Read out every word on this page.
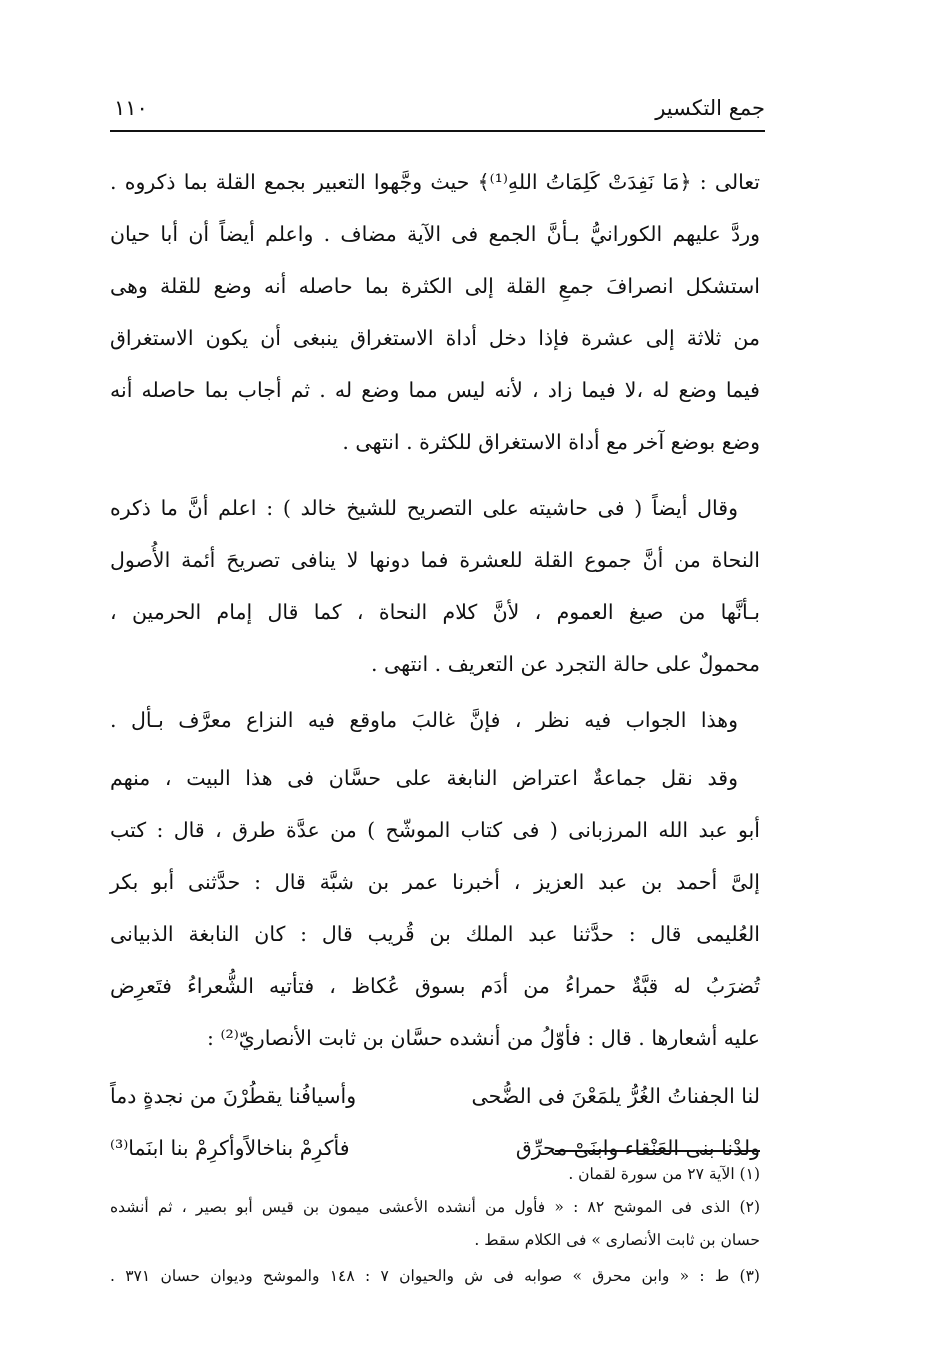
جمع التكسير
١١٠
تعالى : ﴿مَا نَفِدَتْ كَلِمَاتُ اللهِ⁽¹⁾﴾ حيث وجَّهوا التعبير بجمع القلة بما ذكروه .
وردَّ عليهم الكورانيُّ بـأنَّ الجمع فى الآية مضاف . واعلم أيضاً أن أبا حيان
استشكل انصرافَ جمعِ القلة إلى الكثرة بما حاصله أنه وضع للقلة وهى
من ثلاثة إلى عشرة فإذا دخل أداة الاستغراق ينبغى أن يكون الاستغراق
فيما وضع له ،لا فيما زاد ، لأنه ليس مما وضع له . ثم أجاب بما حاصله أنه
وضع بوضع آخر مع أداة الاستغراق للكثرة . انتهى .
وقال أيضاً ( فى حاشيته على التصريح للشيخ خالد ) : اعلم أنَّ ما ذكره
النحاة من أنَّ جموع القلة للعشرة فما دونها لا ينافى تصريحَ أئمة الأُصول
بـأنَّها من صيغ العموم ، لأنَّ كلام النحاة ، كما قال إمام الحرمين ،
محمولٌ على حالة التجرد عن التعريف . انتهى .
وهذا الجواب فيه نظر ، فإنَّ غالبَ ماوقع فيه النزاع معرَّف بـأل .
وقد نقل جماعةٌ اعتراض النابغة على حسَّان فى هذا البيت ، منهم
أبو عبد الله المرزبانى ( فى كتاب الموشّح ) من عدَّة طرق ، قال : كتب
إلىَّ أحمد بن عبد العزيز ، أخبرنا عمر بن شبَّة قال : حدَّثنى أبو بكر
العُليمى قال : حدَّثنا عبد الملك بن قُريب قال : كان النابغة الذبيانى
تُضرَبُ له قبَّةٌ حمراءُ من أدَم بسوق عُكاظ ، فتأتيه الشُّعراءُ فتَعرِض
عليه أشعارها . قال : فأوّلُ من أنشده حسَّان بن ثابت الأنصاريّ⁽²⁾ :
لنا الجفناتُ الغُرُّ يلمَعْنَ فى الضُّحى
وأسيافُنا يقطُرْنَ من نجدةٍ دماً
ولدْنا بنى العَنْقاء وابنَىْ محرِّق
فأكرِمْ بناخالاًوأكرِمْ بنا ابنَما⁽³⁾
(١) الآية ٢٧ من سورة لقمان .
(٢) الذى فى الموشح ٨٢ : « فأول من أنشده الأعشى ميمون بن قيس أبو بصير ، ثم أنشده
حسان بن ثابت الأنصارى » فى الكلام سقط .
(٣) ط : « وابن محرق » صوابه فى ش والحيوان ٧ : ١٤٨ والموشح وديوان حسان ٣٧١ .
